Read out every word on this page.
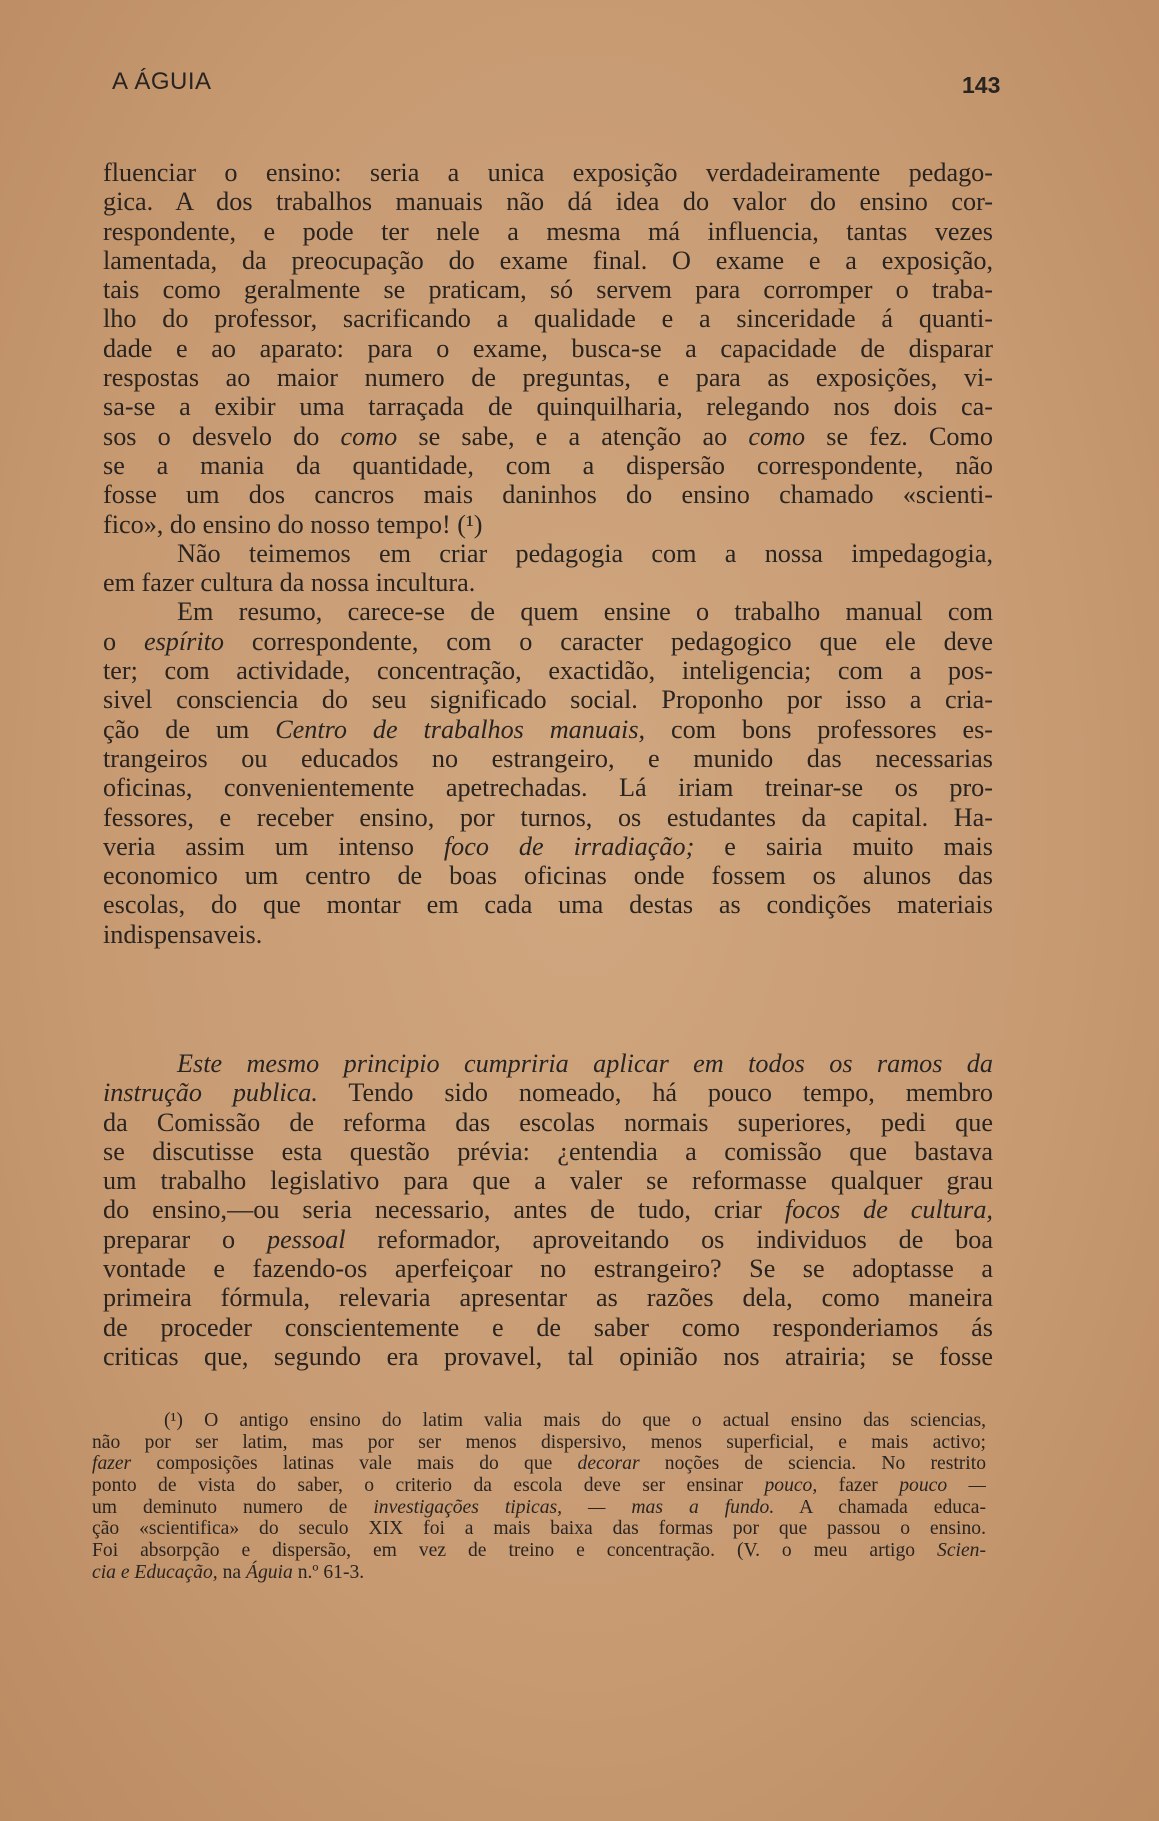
A ÁGUIA	143
fluenciar o ensino: seria a unica exposição verdadeiramente pedago-
gica. A dos trabalhos manuais não dá idea do valor do ensino cor-
respondente, e pode ter nele a mesma má influencia, tantas vezes
lamentada, da preocupação do exame final. O exame e a exposição,
tais como geralmente se praticam, só servem para corromper o traba-
lho do professor, sacrificando a qualidade e a sinceridade á quanti-
dade e ao aparato: para o exame, busca-se a capacidade de disparar
respostas ao maior numero de preguntas, e para as exposições, vi-
sa-se a exibir uma tarraçada de quinquilharia, relegando nos dois ca-
sos o desvelo do como se sabe, e a atenção ao como se fez. Como
se a mania da quantidade, com a dispersão correspondente, não
fosse um dos cancros mais daninhos do ensino chamado «scienti-
fico», do ensino do nosso tempo! (¹)
Não teimemos em criar pedagogia com a nossa impedagogia,
em fazer cultura da nossa incultura.
Em resumo, carece-se de quem ensine o trabalho manual com
o espírito correspondente, com o caracter pedagogico que ele deve
ter; com actividade, concentração, exactidão, inteligencia; com a pos-
sivel consciencia do seu significado social. Proponho por isso a cria-
ção de um Centro de trabalhos manuais, com bons professores es-
trangeiros ou educados no estrangeiro, e munido das necessarias
oficinas, convenientemente apetrechadas. Lá iriam treinar-se os pro-
fessores, e receber ensino, por turnos, os estudantes da capital. Ha-
veria assim um intenso foco de irradiação; e sairia muito mais
economico um centro de boas oficinas onde fossem os alunos das
escolas, do que montar em cada uma destas as condições materiais
indispensaveis.
Este mesmo principio cumpriria aplicar em todos os ramos da
instrução publica. Tendo sido nomeado, há pouco tempo, membro
da Comissão de reforma das escolas normais superiores, pedi que
se discutisse esta questão prévia: ¿entendia a comissão que bastava
um trabalho legislativo para que a valer se reformasse qualquer grau
do ensino,—ou seria necessario, antes de tudo, criar focos de cultura,
preparar o pessoal reformador, aproveitando os individuos de boa
vontade e fazendo-os aperfeiçoar no estrangeiro? Se se adoptasse a
primeira fórmula, relevaria apresentar as razões dela, como maneira
de proceder conscientemente e de saber como responderiamos ás
criticas que, segundo era provavel, tal opinião nos atrairia; se fosse
(¹) O antigo ensino do latim valia mais do que o actual ensino das sciencias,
não por ser latim, mas por ser menos dispersivo, menos superficial, e mais activo;
fazer composições latinas vale mais do que decorar noções de sciencia. No restrito
ponto de vista do saber, o criterio da escola deve ser ensinar pouco, fazer pouco —
um deminuto numero de investigações tipicas, — mas a fundo. A chamada educa-
ção «scientifica» do seculo XIX foi a mais baixa das formas por que passou o ensino.
Foi absorpção e dispersão, em vez de treino e concentração. (V. o meu artigo Scien-
cia e Educação, na Águia n.º 61-3.
